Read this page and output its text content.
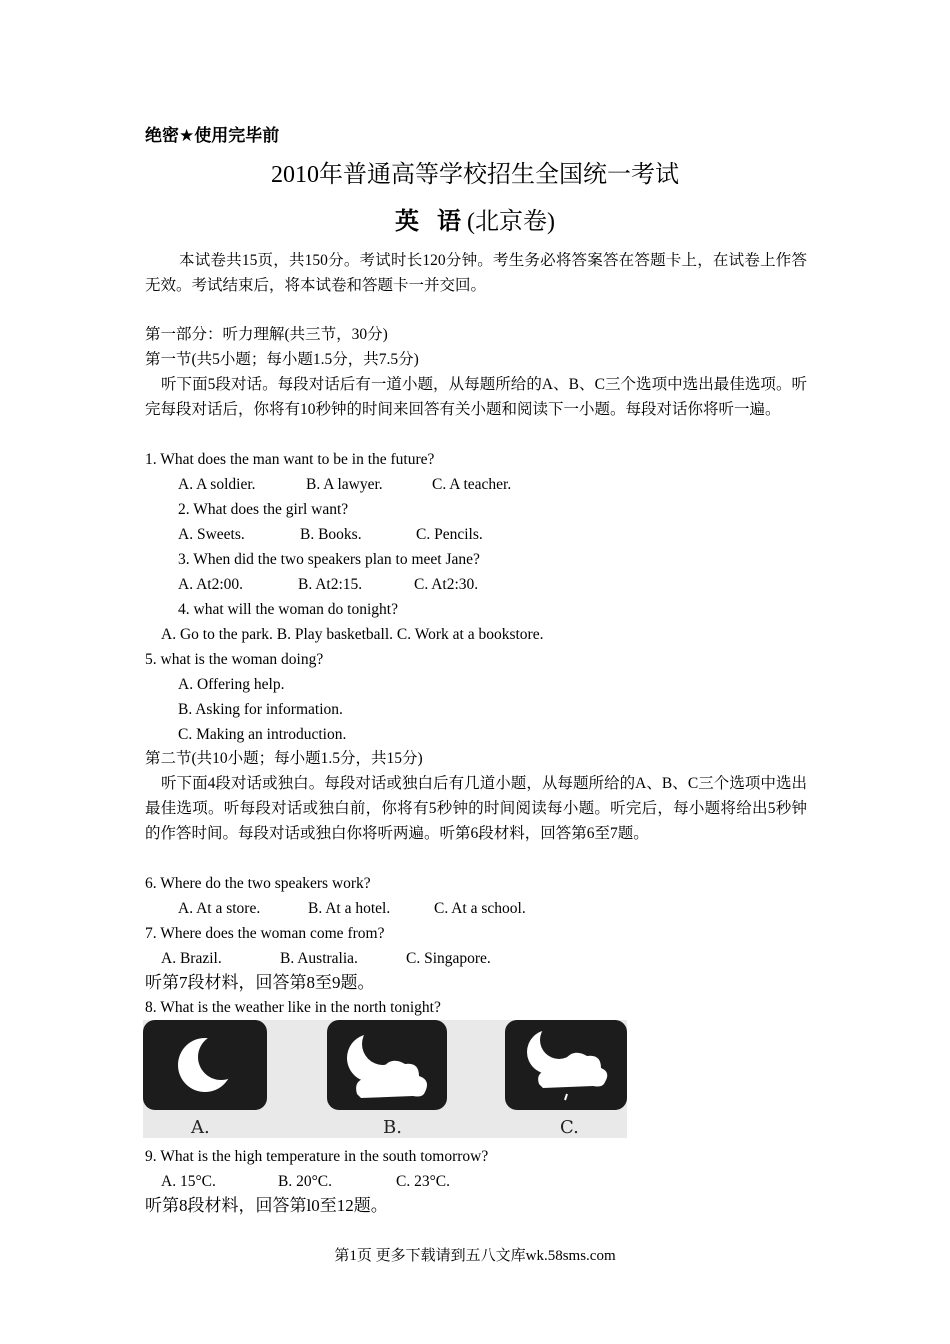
绝密★使用完毕前
2010年普通高等学校招生全国统一考试
英 语(北京卷)
本试卷共15页，共150分。考试时长120分钟。考生务必将答案答在答题卡上，在试卷上作答无效。考试结束后，将本试卷和答题卡一并交回。
第一部分：听力理解(共三节，30分)
第一节(共5小题；每小题1.5分，共7.5分)
听下面5段对话。每段对话后有一道小题，从每题所给的A、B、C三个选项中选出最佳选项。听完每段对话后，你将有10秒钟的时间来回答有关小题和阅读下一小题。每段对话你将听一遍。
1. What does the man want to be in the future?
A. A soldier.	B. A lawyer.	C. A teacher.
2. What does the girl want?
A. Sweets.	B. Books.	C. Pencils.
3. When did the two speakers plan to meet Jane?
A. At2:00.	B. At2:15.	C. At2:30.
4. what will the woman do tonight?
A. Go to the park. B. Play basketball. C. Work at a bookstore.
5. what is the woman doing?
A. Offering help.
B. Asking for information.
C. Making an introduction.
第二节(共10小题；每小题1.5分，共15分)
听下面4段对话或独白。每段对话或独白后有几道小题，从每题所给的A、B、C三个选项中选出最佳选项。听每段对话或独白前，你将有5秒钟的时间阅读每小题。听完后，每小题将给出5秒钟的作答时间。每段对话或独白你将听两遍。听第6段材料，回答第6至7题。
6. Where do the two speakers work?
A. At a store.	B. At a hotel.	C. At a school.
7. Where does the woman come from?
A. Brazil.	B. Australia.	C. Singapore.
听第7段材料，回答第8至9题。
8. What is the weather like in the north tonight?
A.	B.	C.
9. What is the high temperature in the south tomorrow?
A. 15°C.	B. 20°C.	C. 23°C.
听第8段材料，回答第l0至12题。
第1页 更多下载请到五八文库wk.58sms.com
